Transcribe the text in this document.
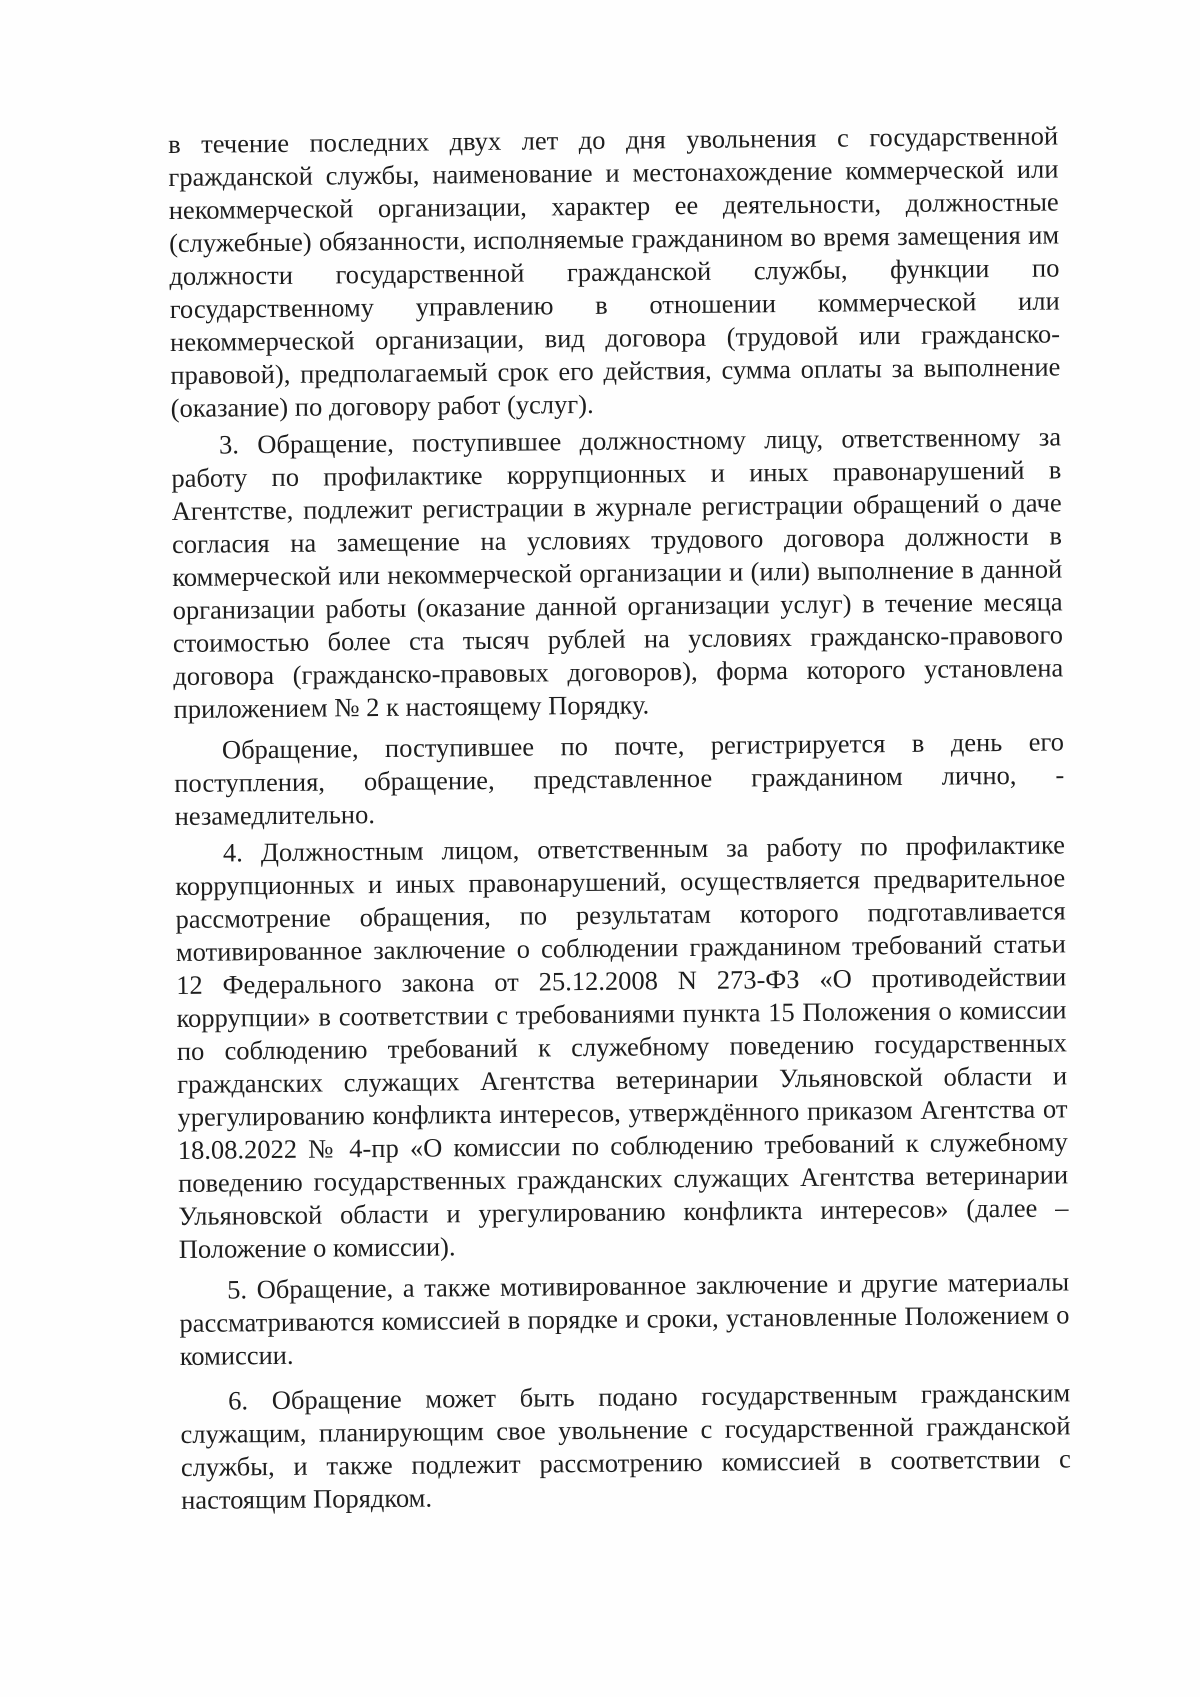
в течение последних двух лет до дня увольнения с государственной гражданской службы, наименование и местонахождение коммерческой или некоммерческой организации, характер ее деятельности, должностные (служебные) обязанности, исполняемые гражданином во время замещения им должности государственной гражданской службы, функции по государственному управлению в отношении коммерческой или некоммерческой организации, вид договора (трудовой или гражданско-правовой), предполагаемый срок его действия, сумма оплаты за выполнение (оказание) по договору работ (услуг).

3. Обращение, поступившее должностному лицу, ответственному за работу по профилактике коррупционных и иных правонарушений в Агентстве, подлежит регистрации в журнале регистрации обращений о даче согласия на замещение на условиях трудового договора должности в коммерческой или некоммерческой организации и (или) выполнение в данной организации работы (оказание данной организации услуг) в течение месяца стоимостью более ста тысяч рублей на условиях гражданско-правового договора (гражданско-правовых договоров), форма которого установлена приложением № 2 к настоящему Порядку.

Обращение, поступившее по почте, регистрируется в день его поступления, обращение, представленное гражданином лично, - незамедлительно.

4. Должностным лицом, ответственным за работу по профилактике коррупционных и иных правонарушений, осуществляется предварительное рассмотрение обращения, по результатам которого подготавливается мотивированное заключение о соблюдении гражданином требований статьи 12 Федерального закона от 25.12.2008 N 273-ФЗ «О противодействии коррупции» в соответствии с требованиями пункта 15 Положения о комиссии по соблюдению требований к служебному поведению государственных гражданских служащих Агентства ветеринарии Ульяновской области и урегулированию конфликта интересов, утверждённого приказом Агентства от 18.08.2022 № 4-пр «О комиссии по соблюдению требований к служебному поведению государственных гражданских служащих Агентства ветеринарии Ульяновской области и урегулированию конфликта интересов» (далее – Положение о комиссии).

5. Обращение, а также мотивированное заключение и другие материалы рассматриваются комиссией в порядке и сроки, установленные Положением о комиссии.

6. Обращение может быть подано государственным гражданским служащим, планирующим свое увольнение с государственной гражданской службы, и также подлежит рассмотрению комиссией в соответствии с настоящим Порядком.
